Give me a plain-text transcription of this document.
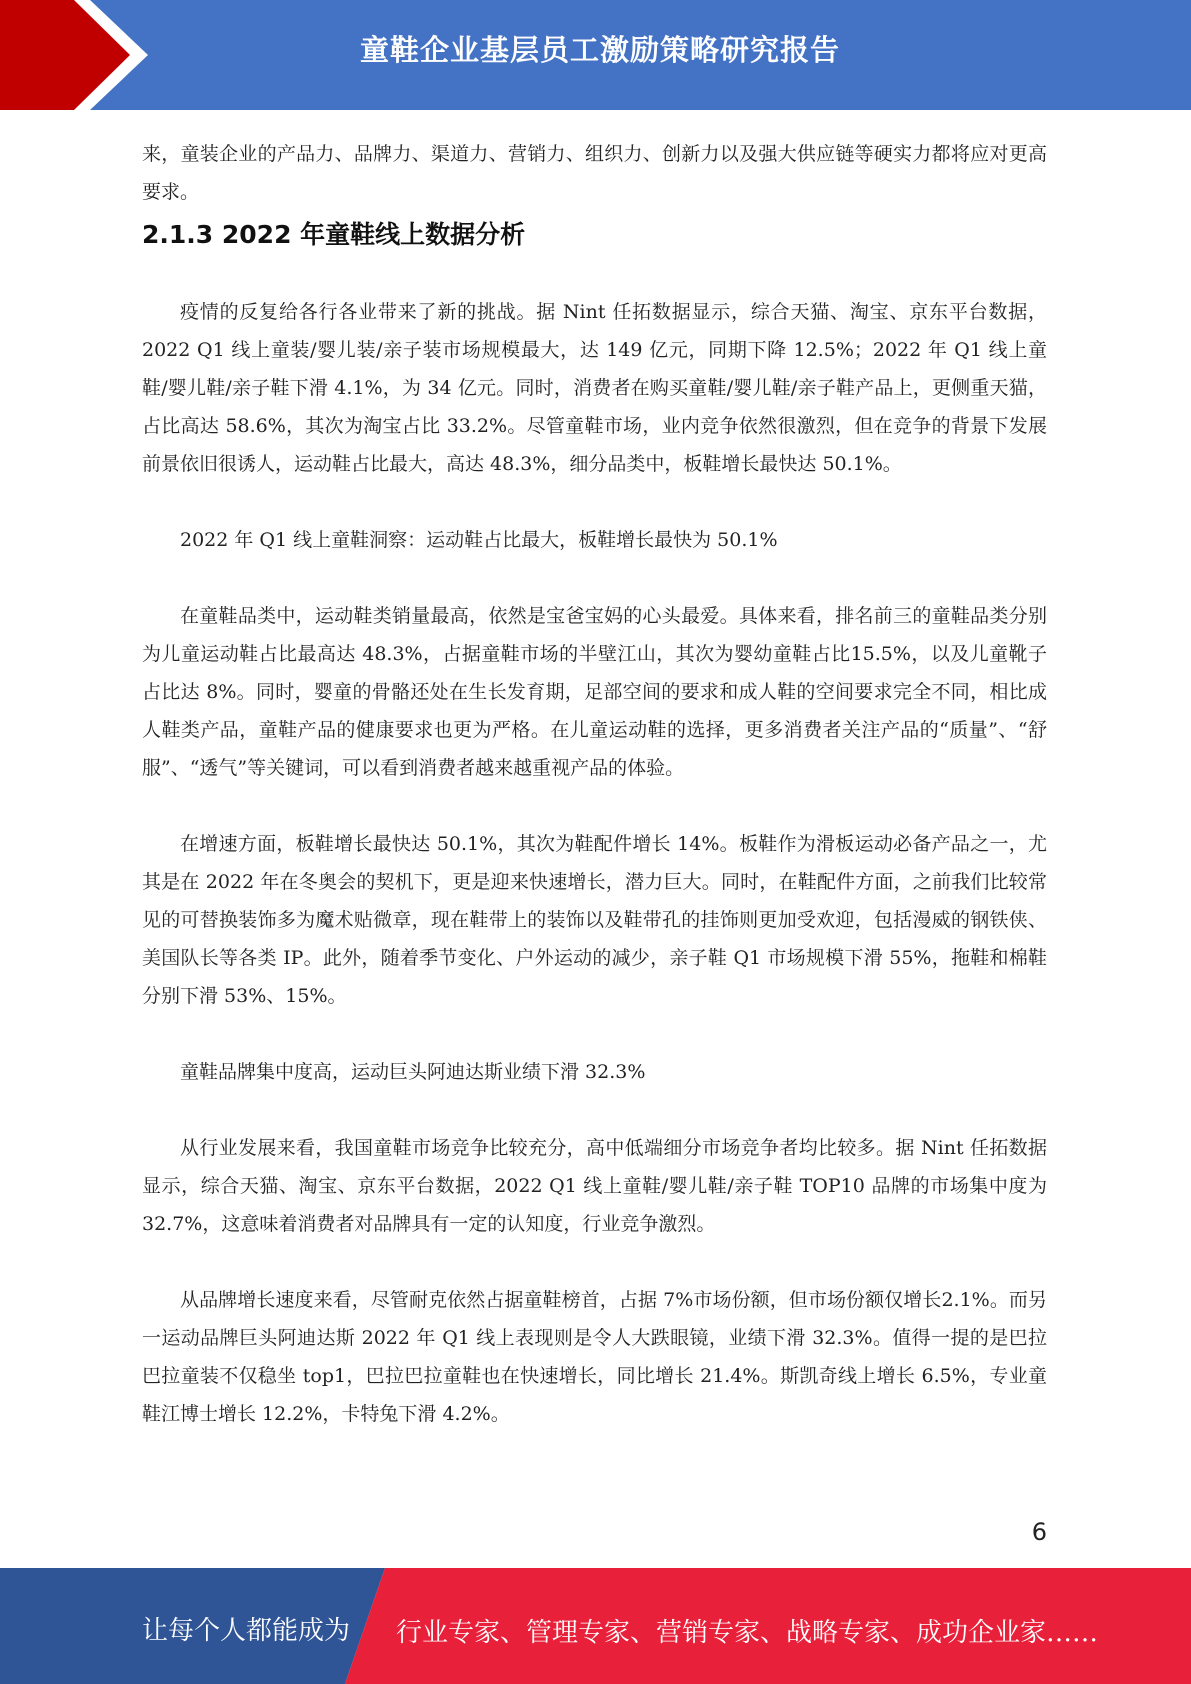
童鞋企业基层员工激励策略研究报告

来，童装企业的产品力、品牌力、渠道力、营销力、组织力、创新力以及强大供应链等硬实力都将应对更高要求。

2.1.3 2022 年童鞋线上数据分析

疫情的反复给各行各业带来了新的挑战。据 Nint 任拓数据显示，综合天猫、淘宝、京东平台数据，2022 Q1 线上童装/婴儿装/亲子装市场规模最大，达 149 亿元，同期下降 12.5%；2022 年 Q1 线上童鞋/婴儿鞋/亲子鞋下滑 4.1%，为 34 亿元。同时，消费者在购买童鞋/婴儿鞋/亲子鞋产品上，更侧重天猫，占比高达 58.6%，其次为淘宝占比 33.2%。尽管童鞋市场，业内竞争依然很激烈，但在竞争的背景下发展前景依旧很诱人，运动鞋占比最大，高达 48.3%，细分品类中，板鞋增长最快达 50.1%。

2022 年 Q1 线上童鞋洞察：运动鞋占比最大，板鞋增长最快为 50.1%

在童鞋品类中，运动鞋类销量最高，依然是宝爸宝妈的心头最爱。具体来看，排名前三的童鞋品类分别为儿童运动鞋占比最高达 48.3%，占据童鞋市场的半壁江山，其次为婴幼童鞋占比15.5%，以及儿童靴子占比达 8%。同时，婴童的骨骼还处在生长发育期，足部空间的要求和成人鞋的空间要求完全不同，相比成人鞋类产品，童鞋产品的健康要求也更为严格。在儿童运动鞋的选择，更多消费者关注产品的“质量”、“舒服”、“透气”等关键词，可以看到消费者越来越重视产品的体验。

在增速方面，板鞋增长最快达 50.1%，其次为鞋配件增长 14%。板鞋作为滑板运动必备产品之一，尤其是在 2022 年在冬奥会的契机下，更是迎来快速增长，潜力巨大。同时，在鞋配件方面，之前我们比较常见的可替换装饰多为魔术贴微章，现在鞋带上的装饰以及鞋带孔的挂饰则更加受欢迎，包括漫威的钢铁侠、美国队长等各类 IP。此外，随着季节变化、户外运动的减少，亲子鞋 Q1 市场规模下滑 55%，拖鞋和棉鞋分别下滑 53%、15%。

童鞋品牌集中度高，运动巨头阿迪达斯业绩下滑 32.3%

从行业发展来看，我国童鞋市场竞争比较充分，高中低端细分市场竞争者均比较多。据 Nint 任拓数据显示，综合天猫、淘宝、京东平台数据，2022 Q1 线上童鞋/婴儿鞋/亲子鞋 TOP10 品牌的市场集中度为 32.7%，这意味着消费者对品牌具有一定的认知度，行业竞争激烈。

从品牌增长速度来看，尽管耐克依然占据童鞋榜首，占据 7%市场份额，但市场份额仅增长2.1%。而另一运动品牌巨头阿迪达斯 2022 年 Q1 线上表现则是令人大跌眼镜，业绩下滑 32.3%。值得一提的是巴拉巴拉童装不仅稳坐 top1，巴拉巴拉童鞋也在快速增长，同比增长 21.4%。斯凯奇线上增长 6.5%，专业童鞋江博士增长 12.2%，卡特兔下滑 4.2%。

6
让每个人都能成为 行业专家、管理专家、营销专家、战略专家、成功企业家……
